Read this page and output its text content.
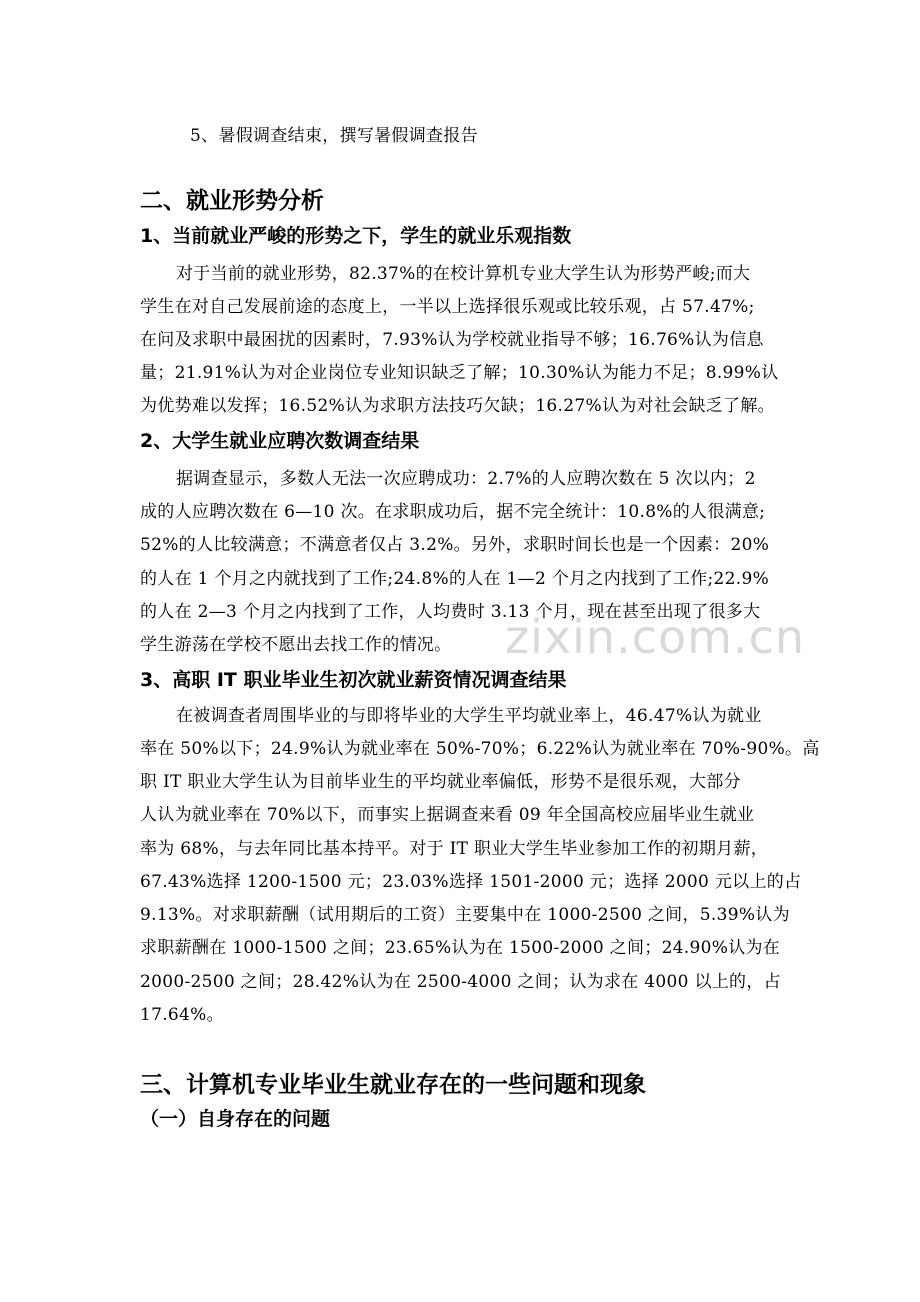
5、暑假调查结束，撰写暑假调查报告
二、就业形势分析
1、当前就业严峻的形势之下，学生的就业乐观指数
对于当前的就业形势，82.37%的在校计算机专业大学生认为形势严峻;而大
学生在对自己发展前途的态度上，一半以上选择很乐观或比较乐观，占 57.47%;
在问及求职中最困扰的因素时，7.93%认为学校就业指导不够；16.76%认为信息
量；21.91%认为对企业岗位专业知识缺乏了解；10.30%认为能力不足；8.99%认
为优势难以发挥；16.52%认为求职方法技巧欠缺；16.27%认为对社会缺乏了解。
2、大学生就业应聘次数调查结果
据调查显示，多数人无法一次应聘成功：2.7%的人应聘次数在 5 次以内；2
成的人应聘次数在 6—10 次。在求职成功后，据不完全统计：10.8%的人很满意;
52%的人比较满意；不满意者仅占 3.2%。另外，求职时间长也是一个因素：20%
的人在 1 个月之内就找到了工作;24.8%的人在 1—2 个月之内找到了工作;22.9%
的人在 2—3 个月之内找到了工作，人均费时 3.13 个月，现在甚至出现了很多大
学生游荡在学校不愿出去找工作的情况。 zixin.com.cn
3、高职 IT 职业毕业生初次就业薪资情况调查结果
在被调查者周围毕业的与即将毕业的大学生平均就业率上，46.47%认为就业
率在 50%以下；24.9%认为就业率在 50%-70%；6.22%认为就业率在 70%-90%。高
职 IT 职业大学生认为目前毕业生的平均就业率偏低，形势不是很乐观，大部分
人认为就业率在 70%以下，而事实上据调查来看 09 年全国高校应届毕业生就业
率为 68%，与去年同比基本持平。对于 IT 职业大学生毕业参加工作的初期月薪，
67.43%选择 1200-1500 元；23.03%选择 1501-2000 元；选择 2000 元以上的占
9.13%。对求职薪酬（试用期后的工资）主要集中在 1000-2500 之间，5.39%认为
求职薪酬在 1000-1500 之间；23.65%认为在 1500-2000 之间；24.90%认为在
2000-2500 之间；28.42%认为在 2500-4000 之间；认为求在 4000 以上的，占
17.64%。
三、计算机专业毕业生就业存在的一些问题和现象
（一）自身存在的问题
